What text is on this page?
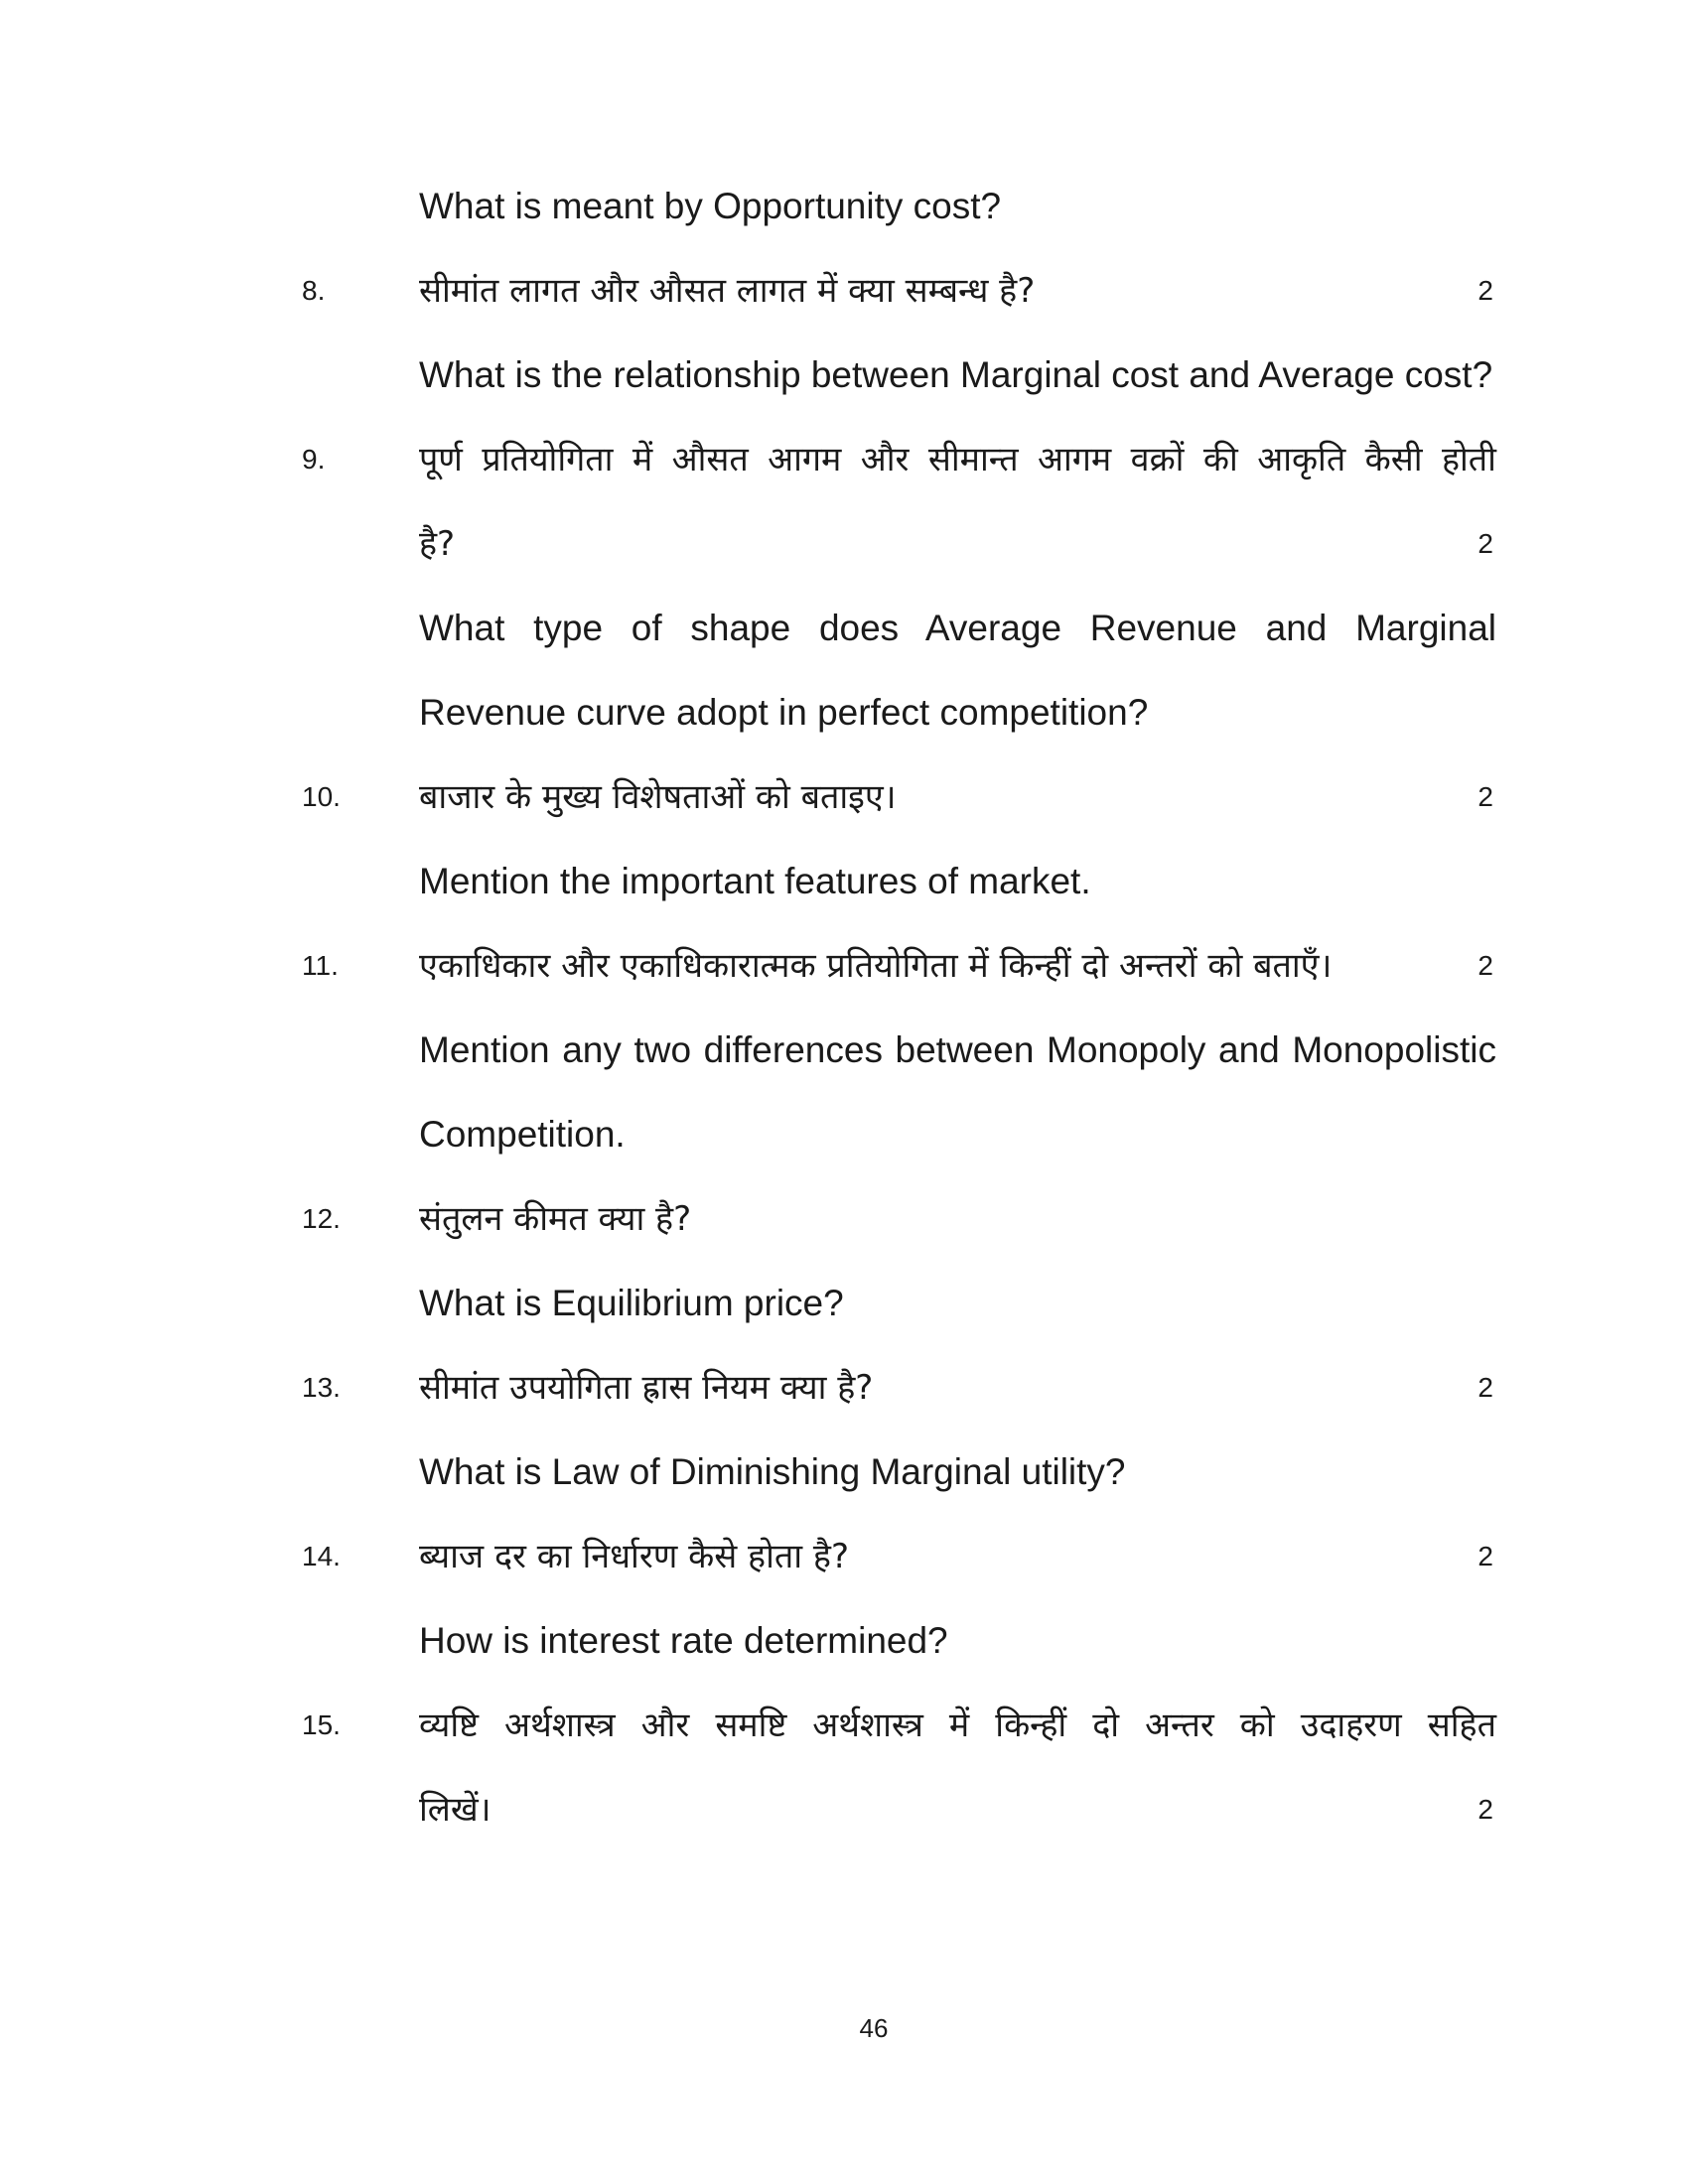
What is meant by Opportunity cost?
8.	सीमांत लागत और औसत लागत में क्या सम्बन्ध है?	2
What is the relationship between Marginal cost and Average cost?
9.	पूर्ण प्रतियोगिता में औसत आगम और सीमान्त आगम वक्रों की आकृति कैसी होती
है?	2
What type of shape does Average Revenue and Marginal
Revenue curve adopt in perfect competition?
10. बाजार के मुख्य विशेषताओं को बताइए।	2
Mention the important features of market.
11. एकाधिकार और एकाधिकारात्मक प्रतियोगिता में किन्हीं दो अन्तरों को बताएँ।	2
Mention any two differences between Monopoly and Monopolistic
Competition.
12. संतुलन कीमत क्या है?
What is Equilibrium price?
13. सीमांत उपयोगिता ह्रास नियम क्या है?	2
What is Law of Diminishing Marginal utility?
14. ब्याज दर का निर्धारण कैसे होता है?	2
How is interest rate determined?
15. व्यष्टि अर्थशास्त्र और समष्टि अर्थशास्त्र में किन्हीं दो अन्तर को उदाहरण सहित
लिखें।	2
46
